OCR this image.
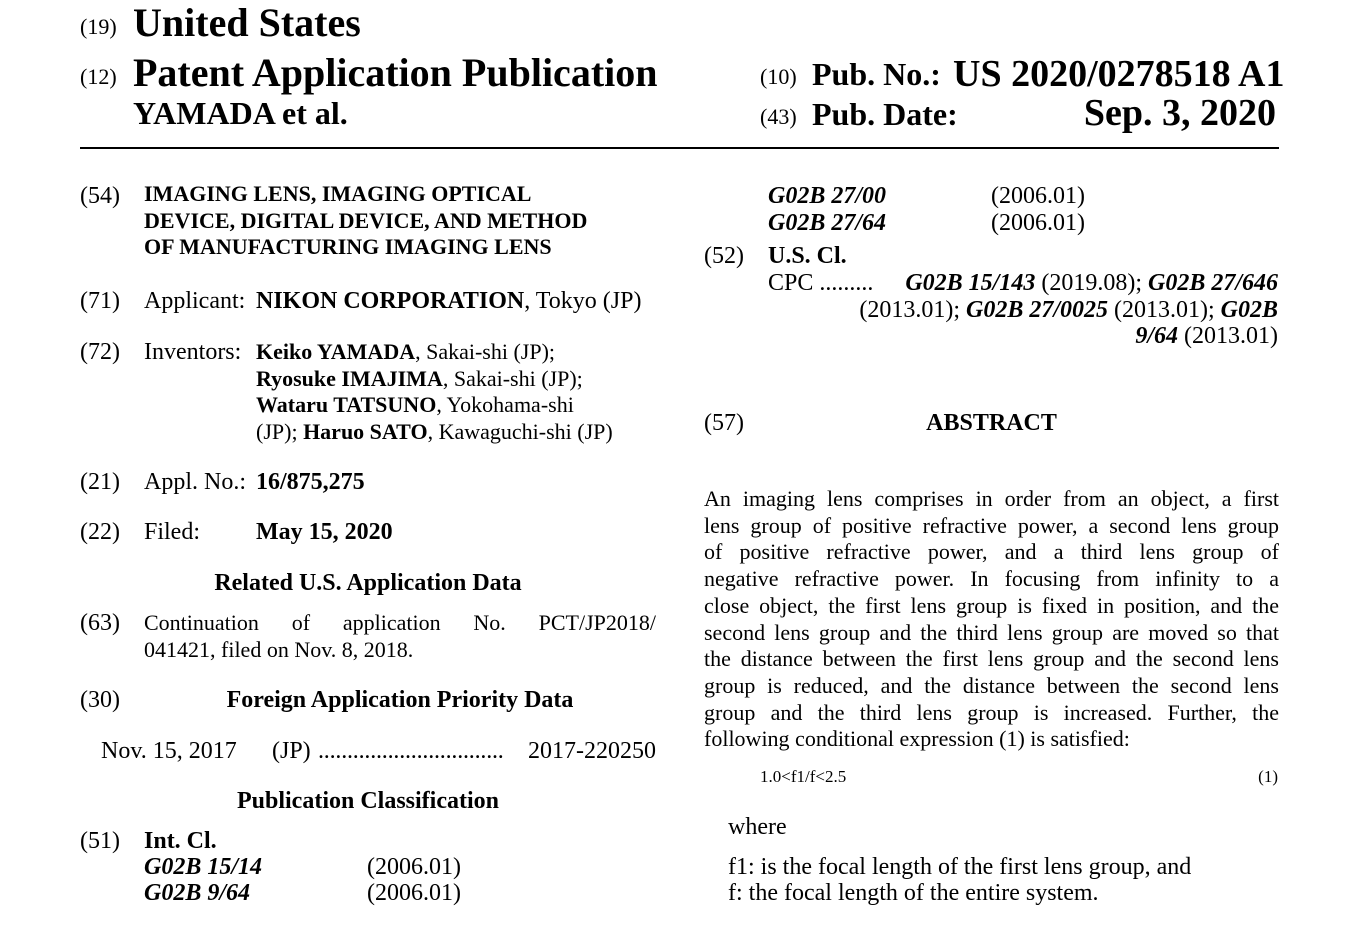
(19) United States
(12) Patent Application Publication
YAMADA et al.
(10) Pub. No.: US 2020/0278518 A1
(43) Pub. Date:	Sep. 3, 2020
(54) IMAGING LENS, IMAGING OPTICAL
DEVICE, DIGITAL DEVICE, AND METHOD
OF MANUFACTURING IMAGING LENS
(71) Applicant: NIKON CORPORATION, Tokyo (JP)
(72) Inventors: Keiko YAMADA, Sakai-shi (JP);
Ryosuke IMAJIMA, Sakai-shi (JP);
Wataru TATSUNO, Yokohama-shi
(JP); Haruo SATO, Kawaguchi-shi (JP)
(21) Appl. No.: 16/875,275
(22) Filed: May 15, 2020
Related U.S. Application Data
(63) Continuation of application No. PCT/JP2018/
041421, filed on Nov. 8, 2018.
(30)	Foreign Application Priority Data
Nov. 15, 2017 (JP) ................................ 2017-220250
Publication Classification
(51) Int. Cl.
G02B 15/14	(2006.01)
G02B 9/64	(2006.01)
G02B 27/00	(2006.01)
G02B 27/64	(2006.01)
(52) U.S. Cl.
CPC ......... G02B 15/143 (2019.08); G02B 27/646
(2013.01); G02B 27/0025 (2013.01); G02B
9/64 (2013.01)
(57)	ABSTRACT
An imaging lens comprises in order from an object, a first
lens group of positive refractive power, a second lens group
of positive refractive power, and a third lens group of
negative refractive power. In focusing from infinity to a
close object, the first lens group is fixed in position, and the
second lens group and the third lens group are moved so that
the distance between the first lens group and the second lens
group is reduced, and the distance between the second lens
group and the third lens group is increased. Further, the
following conditional expression (1) is satisfied:
1.0<f1/f<2.5	(1)
where
f1: is the focal length of the first lens group, and
f: the focal length of the entire system.
